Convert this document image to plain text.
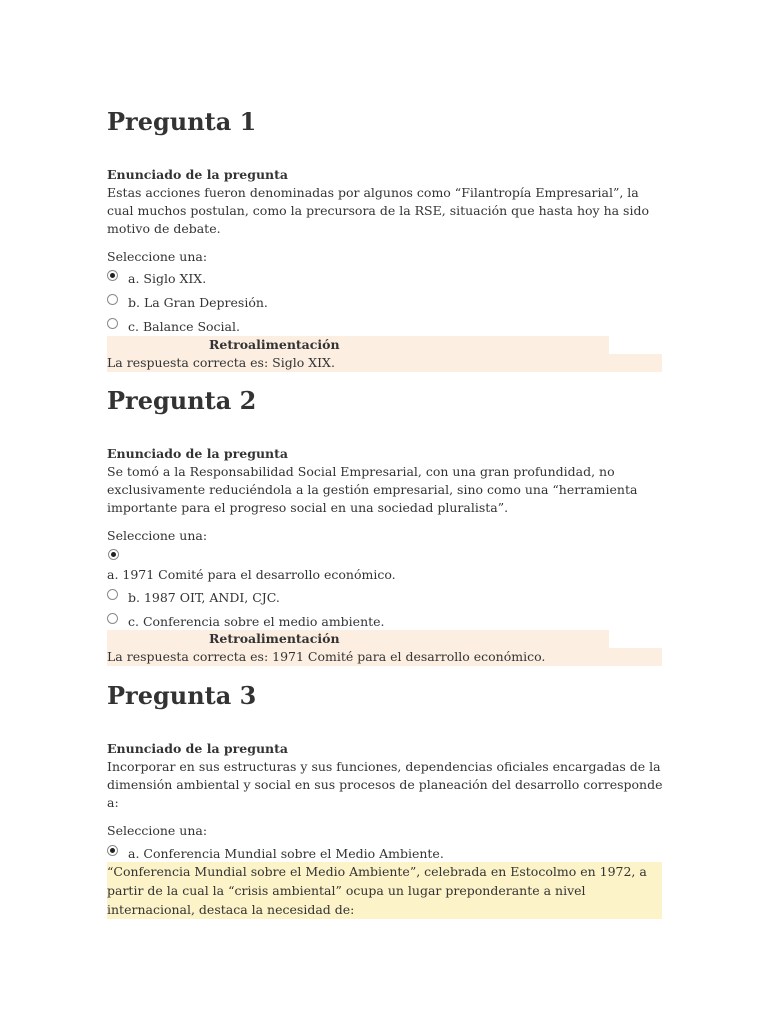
Pregunta 1
Enunciado de la pregunta
Estas acciones fueron denominadas por algunos como “Filantropía Empresarial”, la cual muchos postulan, como la precursora de la RSE, situación que hasta hoy ha sido motivo de debate.
Seleccione una:
a. Siglo XIX.
b. La Gran Depresión.
c. Balance Social.
Retroalimentación
La respuesta correcta es: Siglo XIX.
Pregunta 2
Enunciado de la pregunta
Se tomó a la Responsabilidad Social Empresarial, con una gran profundidad, no exclusivamente reduciéndola a la gestión empresarial, sino como una “herramienta importante para el progreso social en una sociedad pluralista”.
Seleccione una:
a. 1971 Comité para el desarrollo económico.
b. 1987 OIT, ANDI, CJC.
c. Conferencia sobre el medio ambiente.
Retroalimentación
La respuesta correcta es: 1971 Comité para el desarrollo económico.
Pregunta 3
Enunciado de la pregunta
Incorporar en sus estructuras y sus funciones, dependencias oficiales encargadas de la dimensión ambiental y social en sus procesos de planeación del desarrollo corresponde a:
Seleccione una:
a. Conferencia Mundial sobre el Medio Ambiente.
“Conferencia Mundial sobre el Medio Ambiente”, celebrada en Estocolmo en 1972, a partir de la cual la “crisis ambiental” ocupa un lugar preponderante a nivel internacional, destaca la necesidad de:
